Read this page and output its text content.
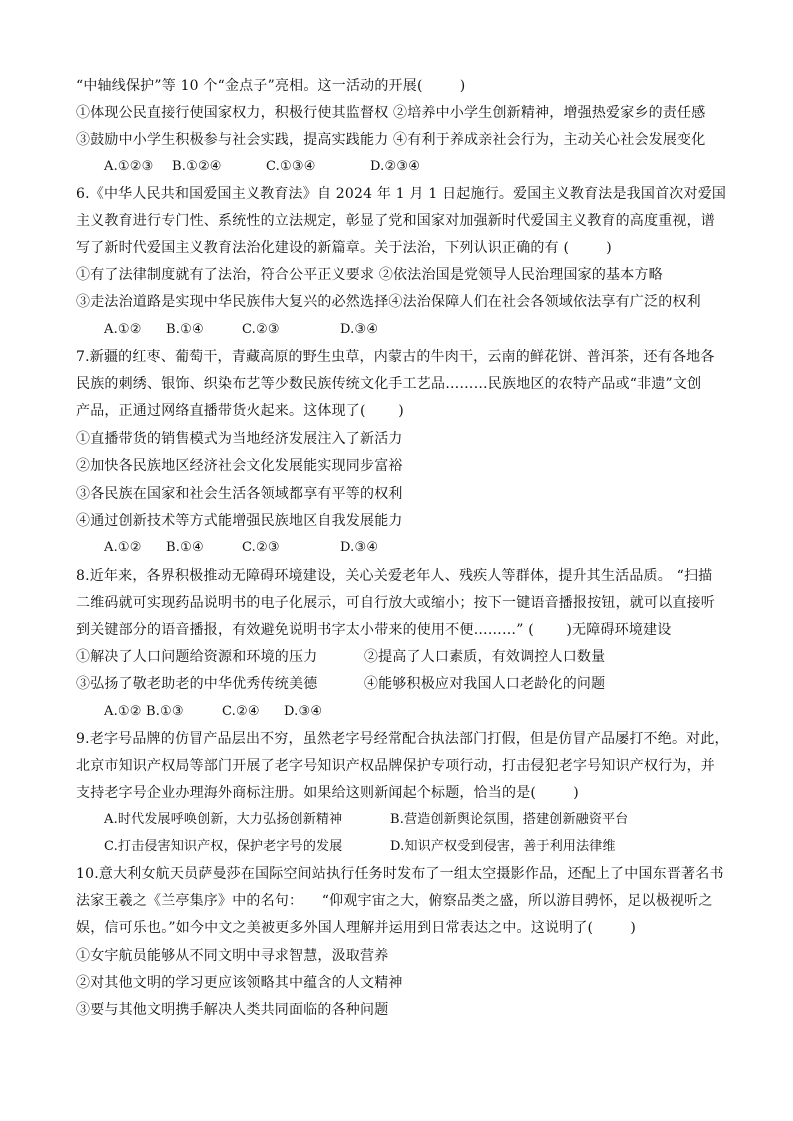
“中轴线保护”等 10 个“金点子”亮相。这一活动的开展(        )
①体现公民直接行使国家权力，积极行使其监督权 ②培养中小学生创新精神，增强热爱家乡的责任感
③鼓励中小学生积极参与社会实践，提高实践能力 ④有利于养成亲社会行为，主动关心社会发展变化
A.①②③ B.①②④	C.①③④	D.②③④
6.《中华人民共和国爱国主义教育法》自 2024 年 1 月 1 日起施行。爱国主义教育法是我国首次对爱国
主义教育进行专门性、系统性的立法规定，彰显了党和国家对加强新时代爱国主义教育的高度重视，谱
写了新时代爱国主义教育法治化建设的新篇章。关于法治，下列认识正确的有 (        )
①有了法律制度就有了法治，符合公平正义要求 ②依法治国是党领导人民治理国家的基本方略
③走法治道路是实现中华民族伟大复兴的必然选择④法治保障人们在社会各领域依法享有广泛的权利
A.①② B.①④	C.②③	D.③④
7.新疆的红枣、葡萄干，青藏高原的野生虫草，内蒙古的牛肉干，云南的鲜花饼、普洱茶，还有各地各
民族的刺绣、银饰、织染布艺等少数民族传统文化手工艺品………民族地区的农特产品或“非遗”文创
产品，正通过网络直播带货火起来。这体现了(       )
①直播带货的销售模式为当地经济发展注入了新活力
②加快各民族地区经济社会文化发展能实现同步富裕
③各民族在国家和社会生活各领域都享有平等的权利
④通过创新技术等方式能增强民族地区自我发展能力
A.①② B.①④	C.②③	D.③④
8.近年来，各界积极推动无障碍环境建设，关心关爱老年人、残疾人等群体，提升其生活品质。 “扫描
二维码就可实现药品说明书的电子化展示，可自行放大或缩小；按下一键语音播报按钮，就可以直接听
到关键部分的语音播报，有效避免说明书字太小带来的使用不便………” (       )无障碍环境建设
①解决了人口问题给资源和环境的压力          ②提高了人口素质，有效调控人口数量
③弘扬了敬老助老的中华优秀传统美德          ④能够积极应对我国人口老龄化的问题
A.①② B.①③	C.②④ D.③④
9.老字号品牌的仿冒产品层出不穷，虽然老字号经常配合执法部门打假，但是仿冒产品屡打不绝。对此，
北京市知识产权局等部门开展了老字号知识产权品牌保护专项行动，打击侵犯老字号知识产权行为，并
支持老字号企业办理海外商标注册。如果给这则新闻起个标题，恰当的是(        )
A.时代发展呼唤创新，大力弘扬创新精神	B.营造创新舆论氛围，搭建创新融资平台
C.打击侵害知识产权，保护老字号的发展	D.知识产权受到侵害，善于利用法律维
10.意大利女航天员萨曼莎在国际空间站执行任务时发布了一组太空摄影作品，还配上了中国东晋著名书
法家王羲之《兰亭集序》中的名句：    “仰观宇宙之大，俯察品类之盛，所以游目骋怀，足以极视听之
娱，信可乐也。”如今中文之美被更多外国人理解并运用到日常表达之中。这说明了(        )
①女宇航员能够从不同文明中寻求智慧，汲取营养
②对其他文明的学习更应该领略其中蕴含的人文精神
③要与其他文明携手解决人类共同面临的各种问题
